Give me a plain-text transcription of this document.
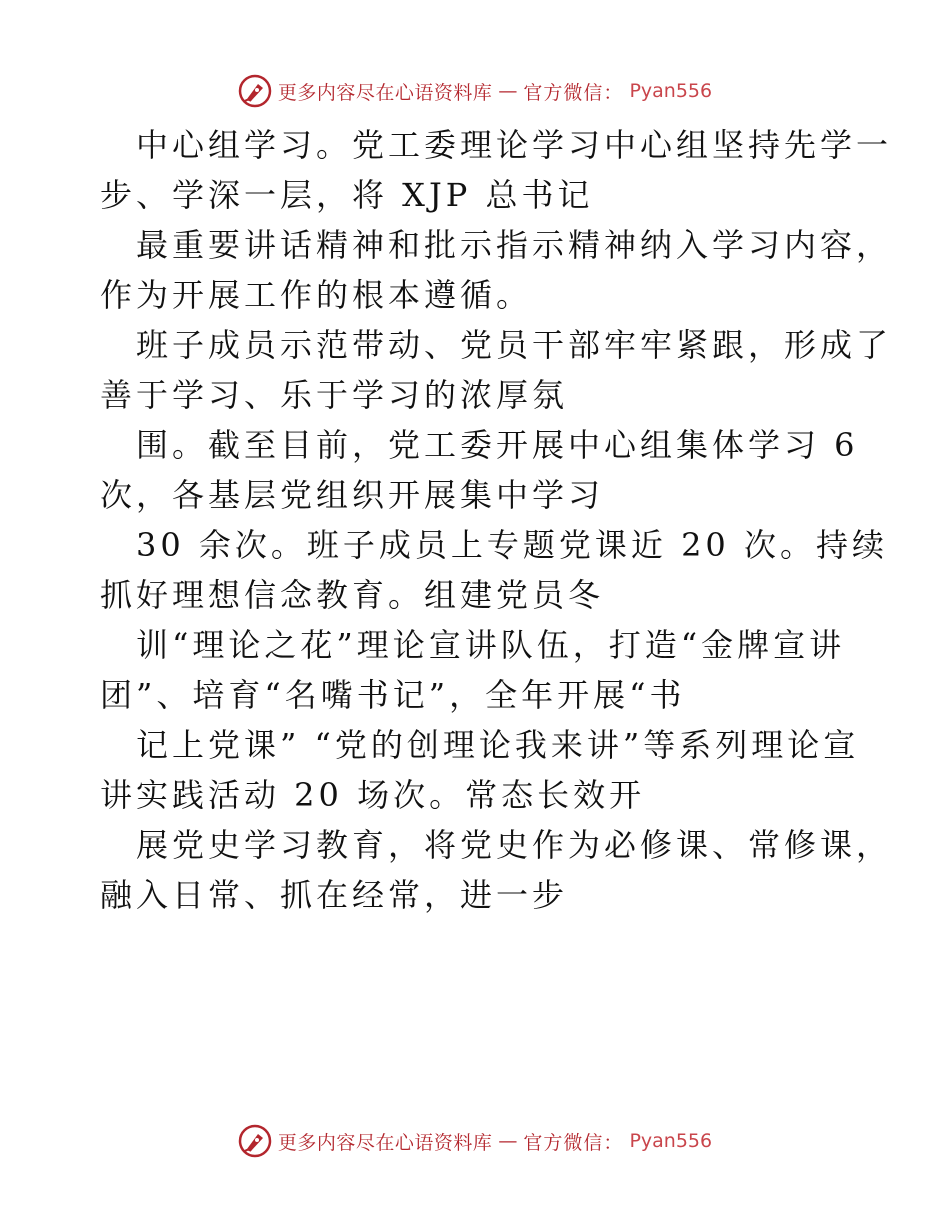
更多内容尽在心语资料库 — 官方微信： Pyan556

中心组学习。党工委理论学习中心组坚持先学一
步、学深一层，将 XJP 总书记
最重要讲话精神和批示指示精神纳入学习内容，
作为开展工作的根本遵循。
班子成员示范带动、党员干部牢牢紧跟，形成了
善于学习、乐于学习的浓厚氛
围。截至目前，党工委开展中心组集体学习 6
次，各基层党组织开展集中学习
30 余次。班子成员上专题党课近 20 次。持续
抓好理想信念教育。组建党员冬
训“理论之花”理论宣讲队伍，打造“金牌宣讲
团”、培育“名嘴书记”，全年开展“书
记上党课” “党的创理论我来讲”等系列理论宣
讲实践活动 20 场次。常态长效开
展党史学习教育，将党史作为必修课、常修课，
融入日常、抓在经常，进一步

更多内容尽在心语资料库 — 官方微信： Pyan556
